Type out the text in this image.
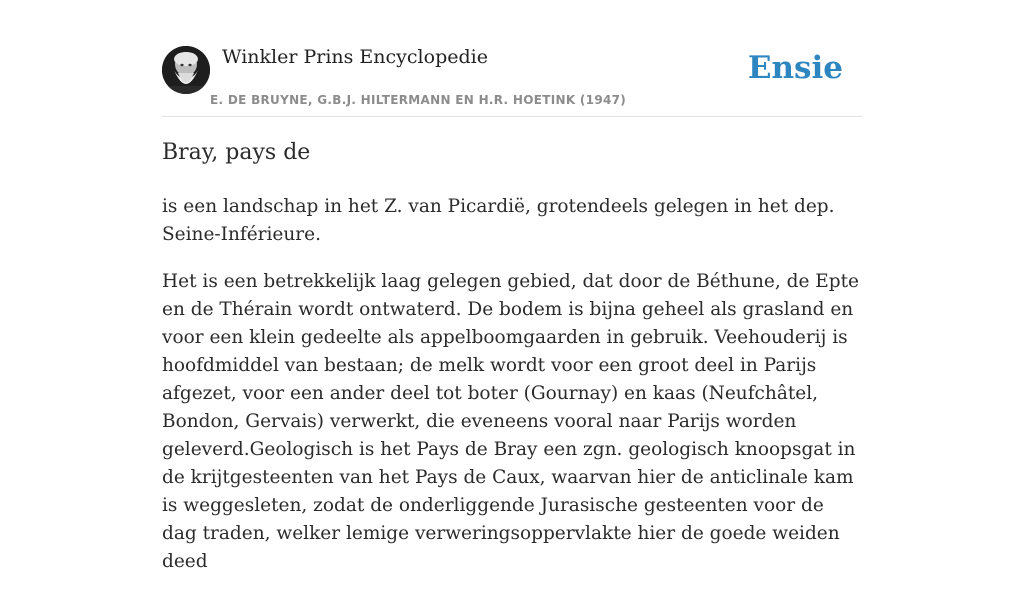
Winkler Prins Encyclopedie
E. DE BRUYNE, G.B.J. HILTERMANN EN H.R. HOETINK (1947)
Ensie
Bray, pays de

is een landschap in het Z. van Picardië, grotendeels gelegen in het dep. Seine-Inférieure.

Het is een betrekkelijk laag gelegen gebied, dat door de Béthune, de Epte en de Thérain wordt ontwaterd. De bodem is bijna geheel als grasland en voor een klein gedeelte als appelboomgaarden in gebruik. Veehouderij is hoofdmiddel van bestaan; de melk wordt voor een groot deel in Parijs afgezet, voor een ander deel tot boter (Gournay) en kaas (Neufchâtel, Bondon, Gervais) verwerkt, die eveneens vooral naar Parijs worden geleverd.Geologisch is het Pays de Bray een zgn. geologisch knoopsgat in de krijtgesteenten van het Pays de Caux, waarvan hier de anticlinale kam is weggesleten, zodat de onderliggende Jurasische gesteenten voor de dag traden, welker lemige verweringsoppervlakte hier de goede weiden deed
